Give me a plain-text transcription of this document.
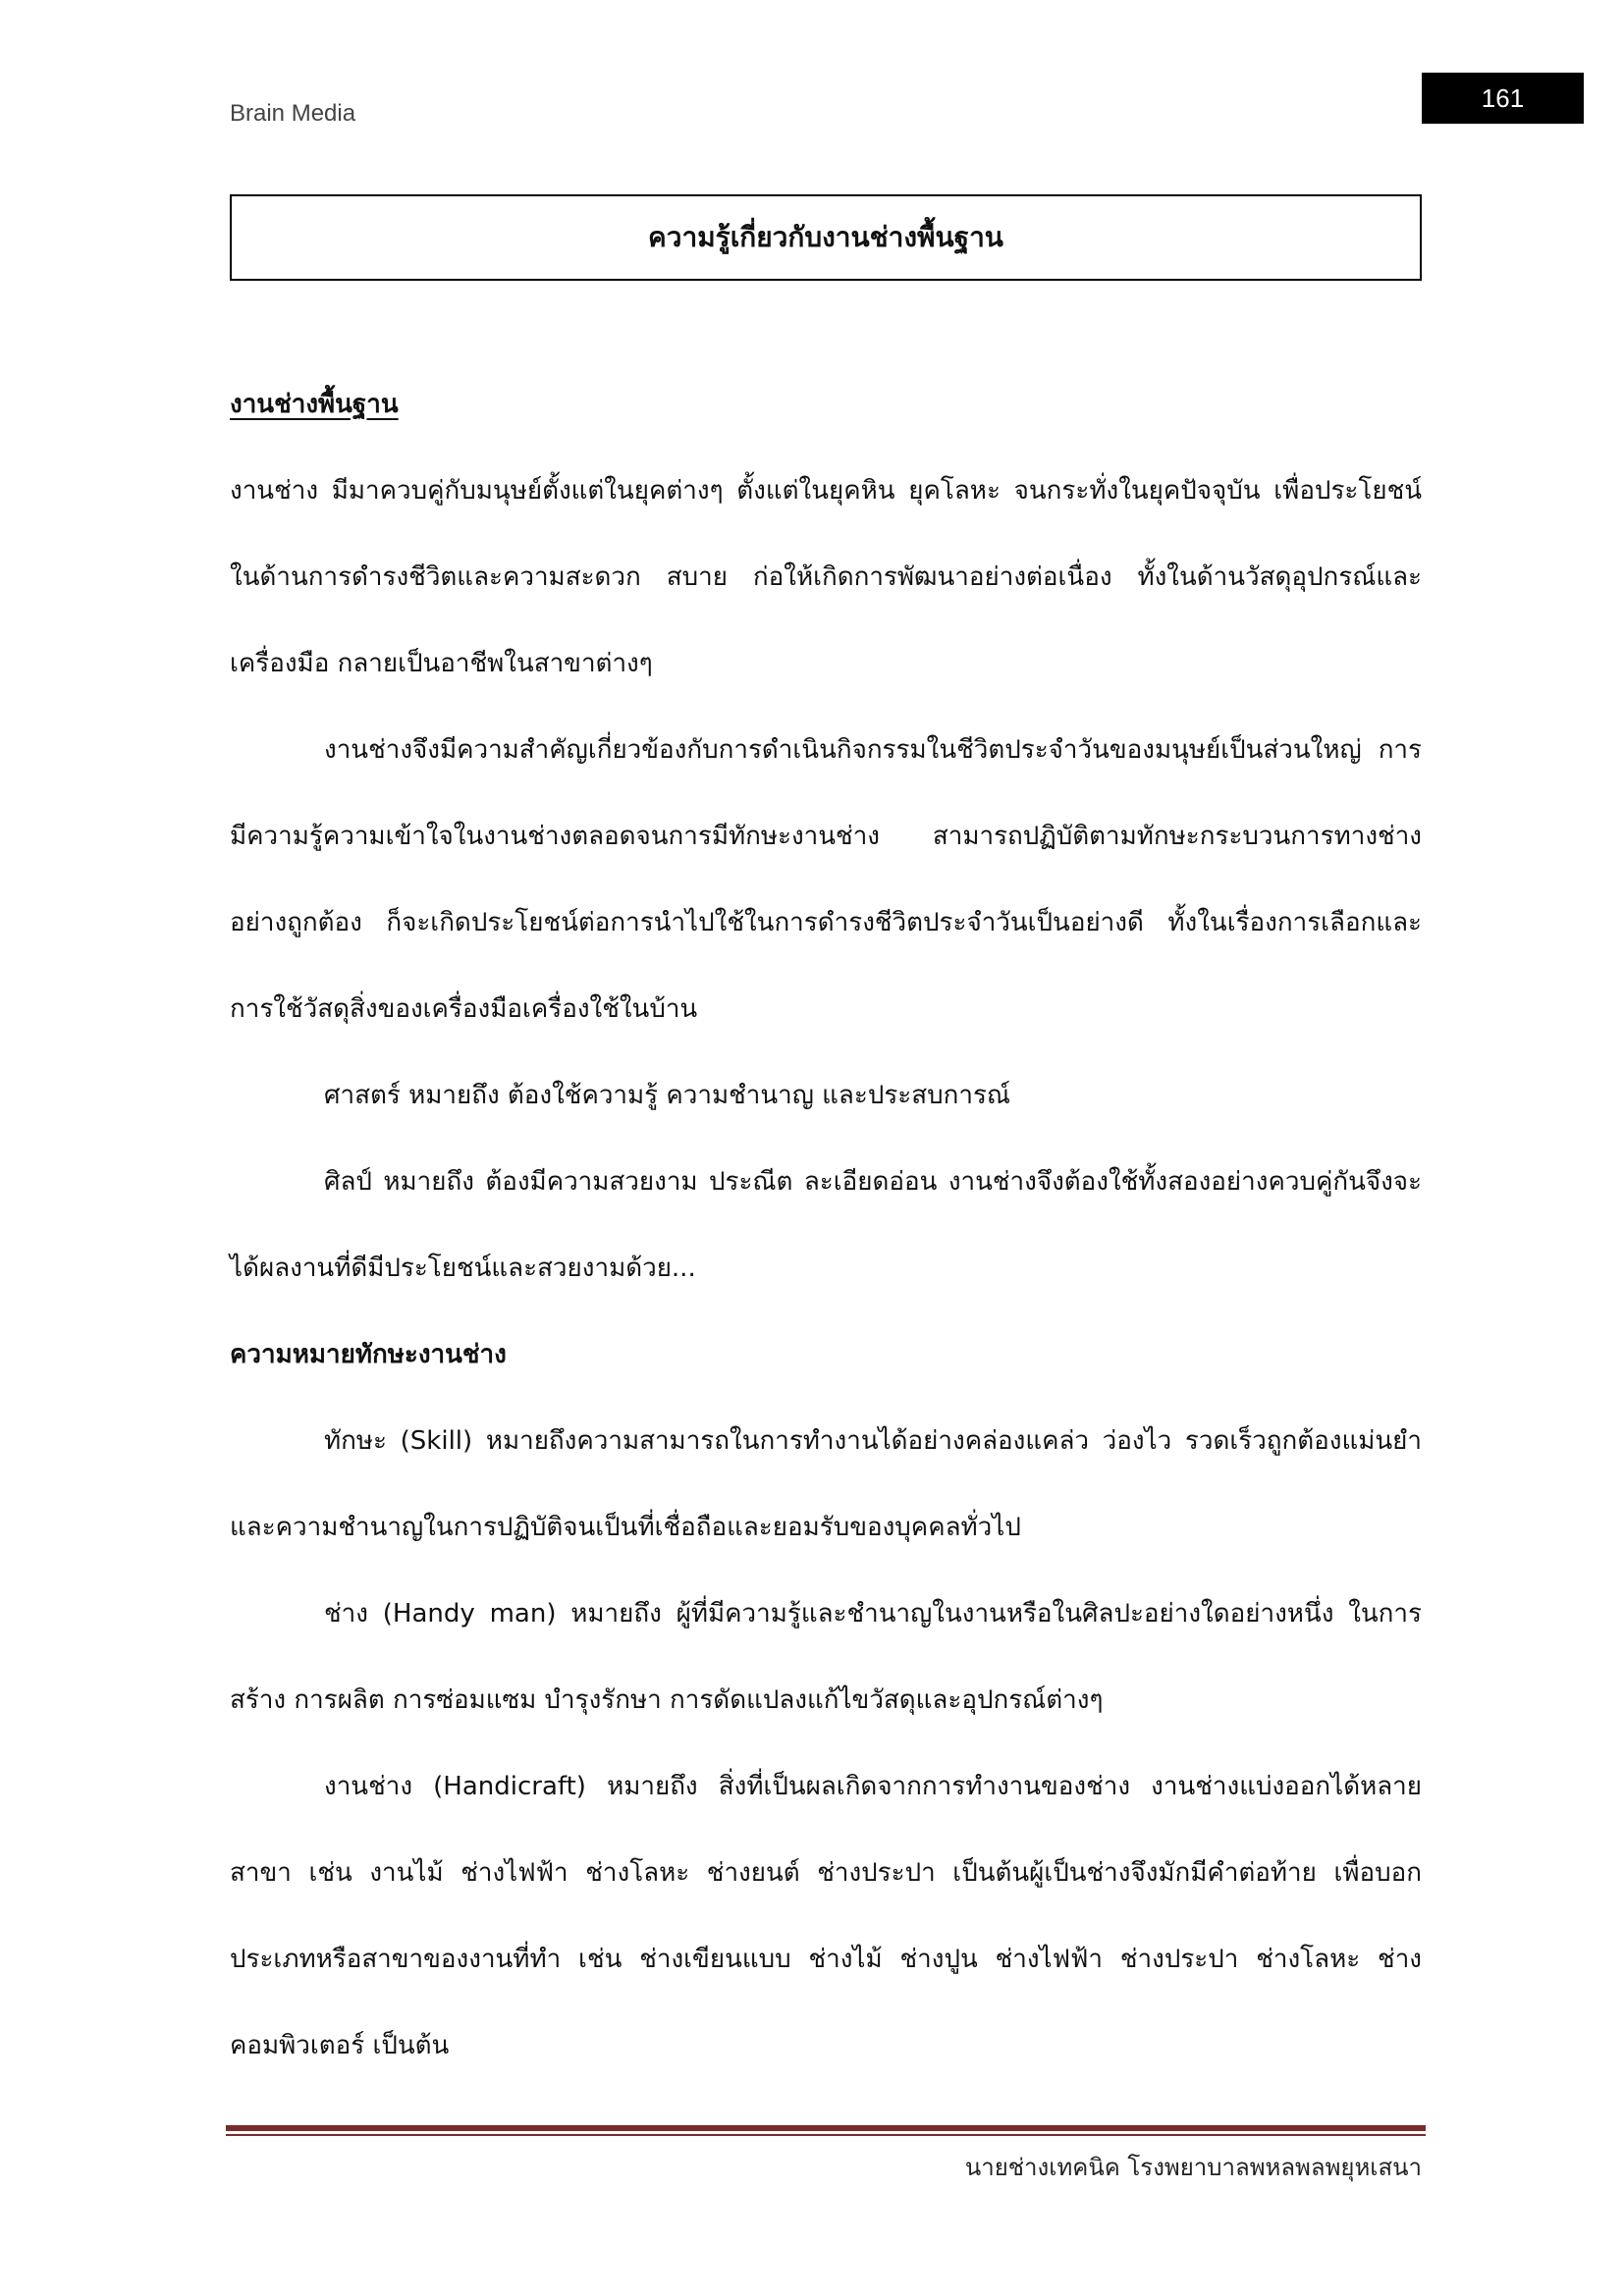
Brain Media
161
ความรู้เกี่ยวกับงานช่างพื้นฐาน

งานช่างพื้นฐาน

งานช่าง มีมาควบคู่กับมนุษย์ตั้งแต่ในยุคต่างๆ ตั้งแต่ในยุคหิน ยุคโลหะ จนกระทั่งในยุคปัจจุบัน เพื่อประโยชน์ในด้านการดำรงชีวิตและความสะดวก สบาย ก่อให้เกิดการพัฒนาอย่างต่อเนื่อง ทั้งในด้านวัสดุอุปกรณ์และเครื่องมือ กลายเป็นอาชีพในสาขาต่างๆ

งานช่างจึงมีความสำคัญเกี่ยวข้องกับการดำเนินกิจกรรมในชีวิตประจำวันของมนุษย์เป็นส่วนใหญ่ การมีความรู้ความเข้าใจในงานช่างตลอดจนการมีทักษะงานช่าง สามารถปฏิบัติตามทักษะกระบวนการทางช่างอย่างถูกต้อง ก็จะเกิดประโยชน์ต่อการนำไปใช้ในการดำรงชีวิตประจำวันเป็นอย่างดี ทั้งในเรื่องการเลือกและการใช้วัสดุสิ่งของเครื่องมือเครื่องใช้ในบ้าน

ศาสตร์ หมายถึง ต้องใช้ความรู้ ความชำนาญ และประสบการณ์

ศิลป์ หมายถึง ต้องมีความสวยงาม ประณีต ละเอียดอ่อน งานช่างจึงต้องใช้ทั้งสองอย่างควบคู่กันจึงจะได้ผลงานที่ดีมีประโยชน์และสวยงามด้วย...

ความหมายทักษะงานช่าง

ทักษะ (Skill) หมายถึงความสามารถในการทำงานได้อย่างคล่องแคล่ว ว่องไว รวดเร็วถูกต้องแม่นยำ และความชำนาญในการปฏิบัติจนเป็นที่เชื่อถือและยอมรับของบุคคลทั่วไป

ช่าง (Handy man) หมายถึง ผู้ที่มีความรู้และชำนาญในงานหรือในศิลปะอย่างใดอย่างหนึ่ง ในการสร้าง การผลิต การซ่อมแซม บำรุงรักษา การดัดแปลงแก้ไขวัสดุและอุปกรณ์ต่างๆ

งานช่าง (Handicraft) หมายถึง สิ่งที่เป็นผลเกิดจากการทำงานของช่าง งานช่างแบ่งออกได้หลายสาขา เช่น งานไม้ ช่างไฟฟ้า ช่างโลหะ ช่างยนต์ ช่างประปา เป็นต้นผู้เป็นช่างจึงมักมีคำต่อท้าย เพื่อบอกประเภทหรือสาขาของงานที่ทำ เช่น ช่างเขียนแบบ ช่างไม้ ช่างปูน ช่างไฟฟ้า ช่างประปา ช่างโลหะ ช่างคอมพิวเตอร์ เป็นต้น

นายช่างเทคนิค โรงพยาบาลพหลพลพยุหเสนา
